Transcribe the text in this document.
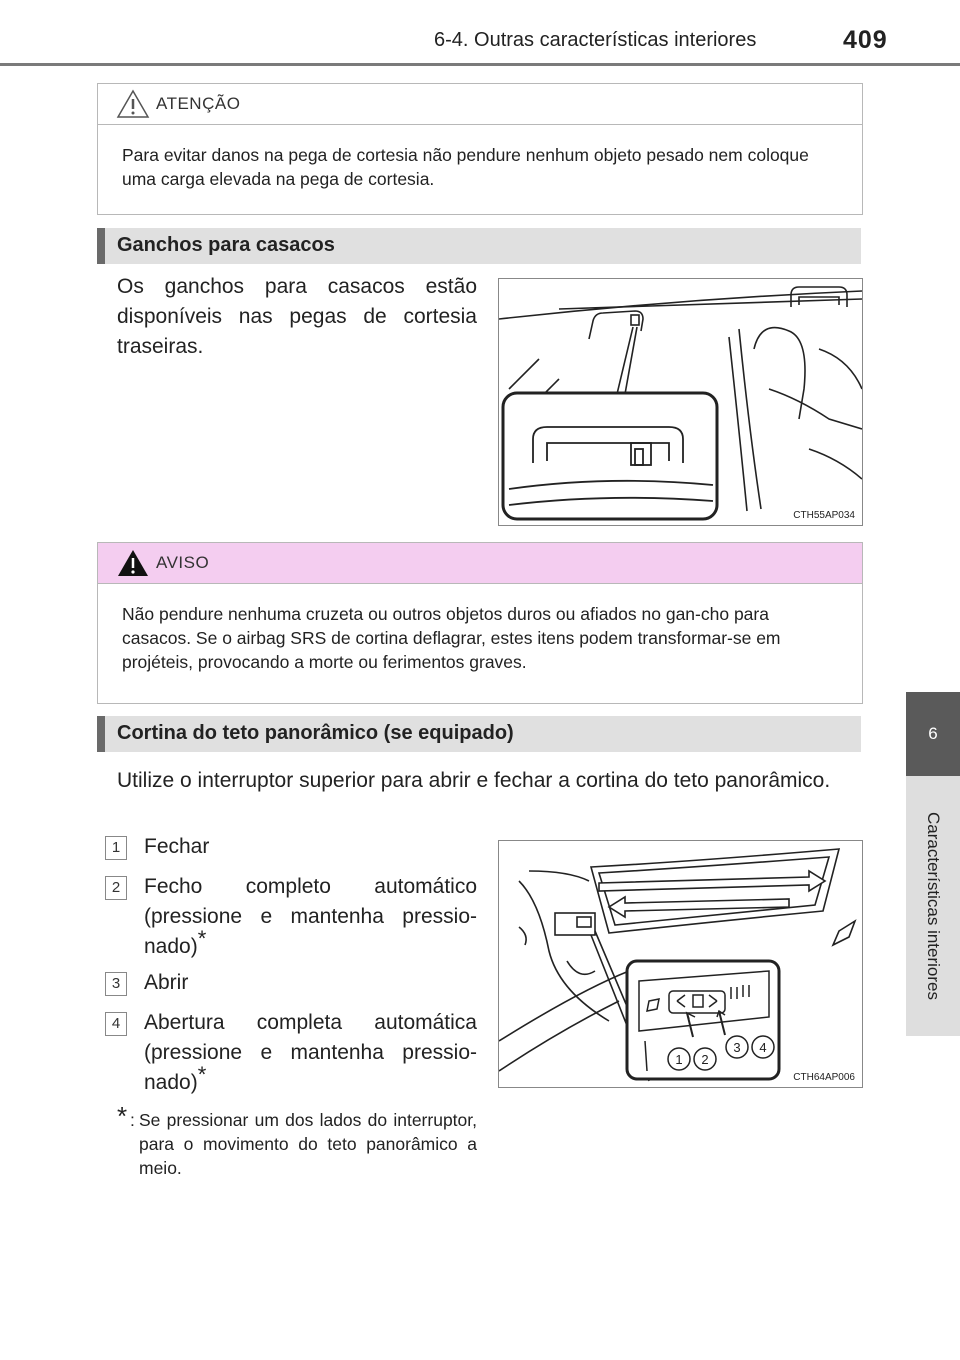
6-4. Outras características interiores	409
6
Características interiores
ATENÇÃO
Para evitar danos na pega de cortesia não pendure nenhum objeto pesado nem coloque uma carga elevada na pega de cortesia.
Ganchos para casacos
Os ganchos para casacos estão disponíveis nas pegas de cortesia traseiras.
CTH55AP034
AVISO
Não pendure nenhuma cruzeta ou outros objetos duros ou afiados no gan-cho para casacos. Se o airbag SRS de cortina deflagrar, estes itens podem transformar-se em projéteis, provocando a morte ou ferimentos graves.
Cortina do teto panorâmico (se equipado)
Utilize o interruptor superior para abrir e fechar a cortina do teto panorâmico.
1	Fechar
2	Fecho completo automático (pressione e mantenha pressio-nado)*
3	Abrir
4	Abertura completa automática (pressione e mantenha pressio-nado)*
* : Se pressionar um dos lados do interruptor, para o movimento do teto panorâmico a meio.
1 2
3 4
CTH64AP006
